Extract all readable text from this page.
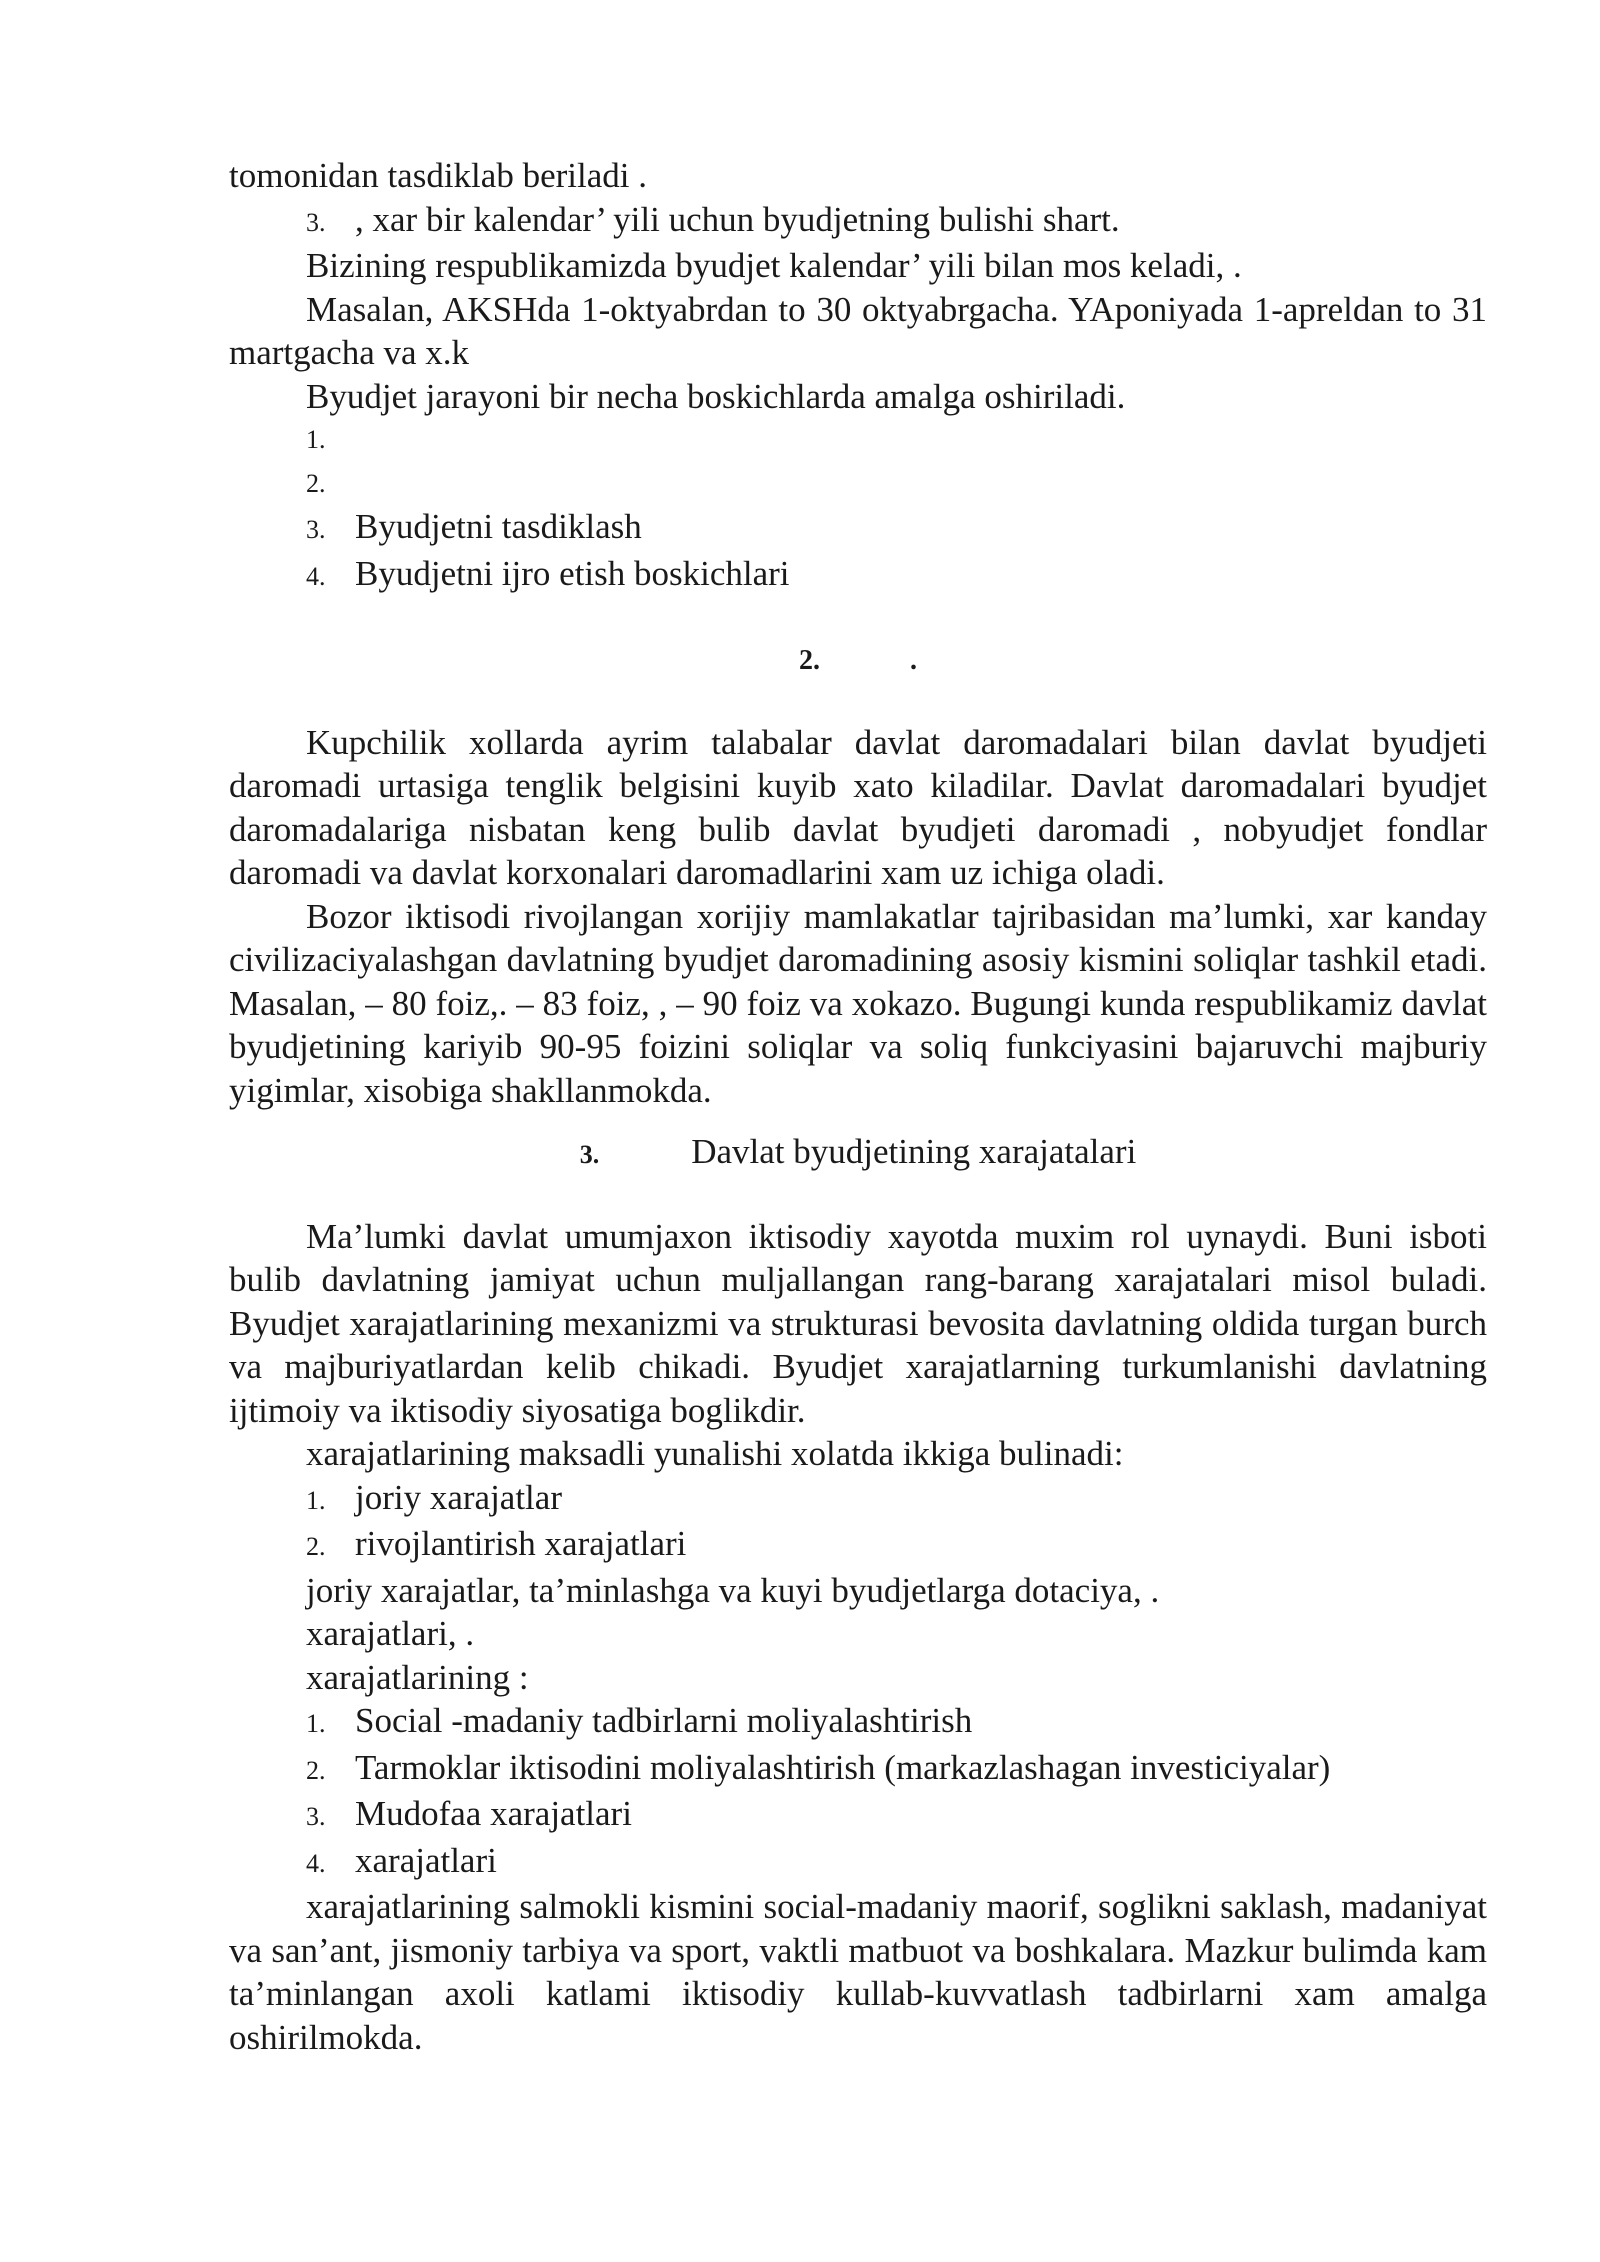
tomonidan tasdiklab beriladi .

3. , xar bir kalendar’ yili uchun byudjetning bulishi shart.

Bizining respublikamizda byudjet kalendar’ yili bilan mos keladi, .

Masalan, AKSHda 1-oktyabrdan to 30 oktyabrgacha. YAponiyada 1-apreldan to 31 martgacha va x.k

Byudjet jarayoni bir necha boskichlarda amalga oshiriladi.

1.
2.
3. Byudjetni tasdiklash
4. Byudjetni ijro etish boskichlari
2.	.

Kupchilik xollarda ayrim talabalar davlat daromadalari bilan davlat byudjeti daromadi urtasiga tenglik belgisini kuyib xato kiladilar. Davlat daromadalari byudjet daromadalariga nisbatan keng bulib davlat byudjeti daromadi , nobyudjet fondlar daromadi va davlat korxonalari daromadlarini xam uz ichiga oladi.

Bozor iktisodi rivojlangan xorijiy mamlakatlar tajribasidan ma’lumki, xar kanday civilizaciyalashgan davlatning byudjet daromadining asosiy kismini soliqlar tashkil etadi. Masalan, – 80 foiz,. – 83 foiz, , – 90 foiz va xokazo. Bugungi kunda respublikamiz davlat byudjetining kariyib 90-95 foizini soliqlar va soliq funkciyasini bajaruvchi majburiy yigimlar, xisobiga shakllanmokda.

3.	Davlat byudjetining xarajatalari

Ma’lumki davlat umumjaxon iktisodiy xayotda muxim rol uynaydi. Buni isboti bulib davlatning jamiyat uchun muljallangan rang-barang xarajatalari misol buladi. Byudjet xarajatlarining mexanizmi va strukturasi bevosita davlatning oldida turgan burch va majburiyatlardan kelib chikadi. Byudjet xarajatlarning turkumlanishi davlatning ijtimoiy va iktisodiy siyosatiga boglikdir.

xarajatlarining maksadli yunalishi xolatda ikkiga bulinadi:

1. joriy xarajatlar
2. rivojlantirish xarajatlari

joriy xarajatlar, ta’minlashga va kuyi byudjetlarga dotaciya, .

xarajatlari, .

xarajatlarining :

1. Social -madaniy tadbirlarni moliyalashtirish
2. Tarmoklar iktisodini moliyalashtirish (markazlashagan investiciyalar)
3. Mudofaa xarajatlari
4. xarajatlari

xarajatlarining salmokli kismini social-madaniy maorif, soglikni saklash, madaniyat va san’ant, jismoniy tarbiya va sport, vaktli matbuot va boshkalara. Mazkur bulimda kam ta’minlangan axoli katlami iktisodiy kullab-kuvvatlash tadbirlarni xam amalga oshirilmokda.
